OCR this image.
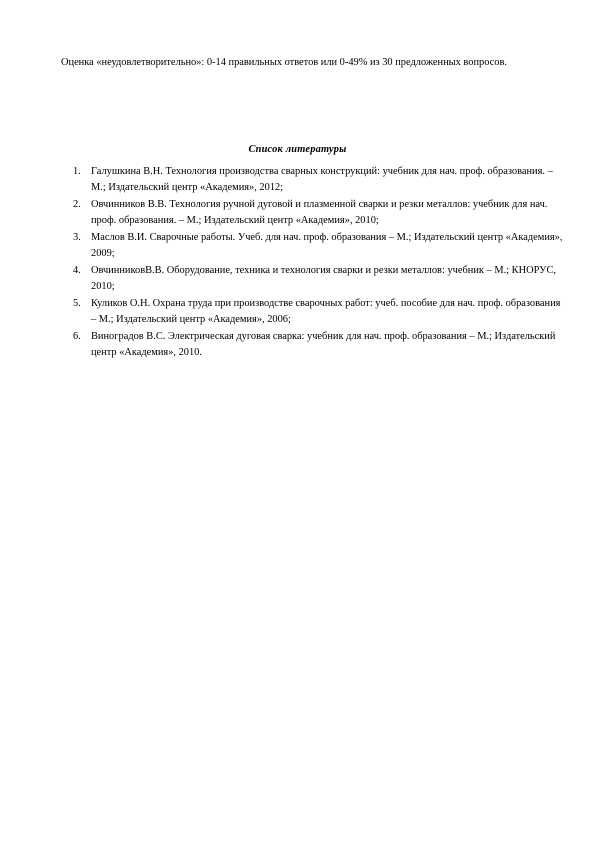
Оценка «неудовлетворительно»: 0-14 правильных ответов или 0-49% из 30 предложенных вопросов.

Список литературы

1. Галушкина В.Н. Технология производства сварных конструкций: учебник для нач. проф. образования. – М.; Издательский центр «Академия», 2012;
2. Овчинников В.В. Технология ручной дуговой и плазменной сварки и резки металлов: учебник для нач. проф. образования. – М.; Издательский центр «Академия», 2010;
3. Маслов В.И. Сварочные работы. Учеб. для нач. проф. образования – М.; Издательский центр «Академия», 2009;
4. ОвчинниковВ.В. Оборудование, техника и технология сварки и резки металлов: учебник – М.; КНОРУС, 2010;
5. Куликов О.Н. Охрана труда при производстве сварочных работ: учеб. пособие для нач. проф. образования – М.; Издательский центр «Академия», 2006;
6. Виноградов В.С. Электрическая дуговая сварка: учебник для нач. проф. образования – М.; Издательский центр «Академия», 2010.
